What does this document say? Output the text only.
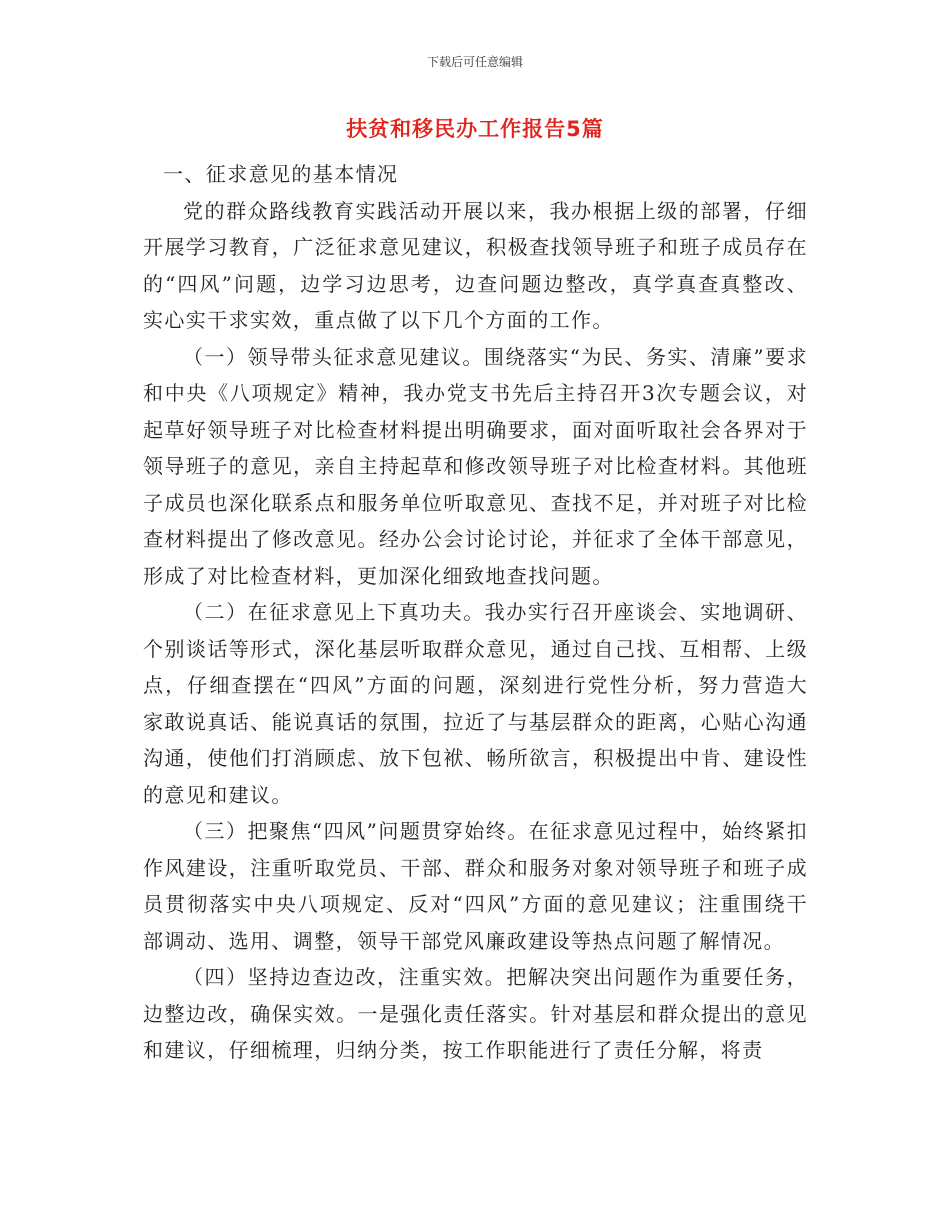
下载后可任意编辑
扶贫和移民办工作报告5篇

一、征求意见的基本情况

党的群众路线教育实践活动开展以来，我办根据上级的部署，仔细开展学习教育，广泛征求意见建议，积极查找领导班子和班子成员存在的“四风”问题，边学习边思考，边查问题边整改，真学真查真整改、实心实干求实效，重点做了以下几个方面的工作。

（一）领导带头征求意见建议。围绕落实“为民、务实、清廉”要求和中央《八项规定》精神，我办党支书先后主持召开3次专题会议，对起草好领导班子对比检查材料提出明确要求，面对面听取社会各界对于领导班子的意见，亲自主持起草和修改领导班子对比检查材料。其他班子成员也深化联系点和服务单位听取意见、查找不足，并对班子对比检查材料提出了修改意见。经办公会讨论讨论，并征求了全体干部意见，形成了对比检查材料，更加深化细致地查找问题。

（二）在征求意见上下真功夫。我办实行召开座谈会、实地调研、个别谈话等形式，深化基层听取群众意见，通过自己找、互相帮、上级点，仔细查摆在“四风”方面的问题，深刻进行党性分析，努力营造大家敢说真话、能说真话的氛围，拉近了与基层群众的距离，心贴心沟通沟通，使他们打消顾虑、放下包袱、畅所欲言，积极提出中肯、建设性的意见和建议。

（三）把聚焦“四风”问题贯穿始终。在征求意见过程中，始终紧扣作风建设，注重听取党员、干部、群众和服务对象对领导班子和班子成员贯彻落实中央八项规定、反对“四风”方面的意见建议；注重围绕干部调动、选用、调整，领导干部党风廉政建设等热点问题了解情况。

（四）坚持边查边改，注重实效。把解决突出问题作为重要任务，边整边改，确保实效。一是强化责任落实。针对基层和群众提出的意见和建议，仔细梳理，归纳分类，按工作职能进行了责任分解，将责
